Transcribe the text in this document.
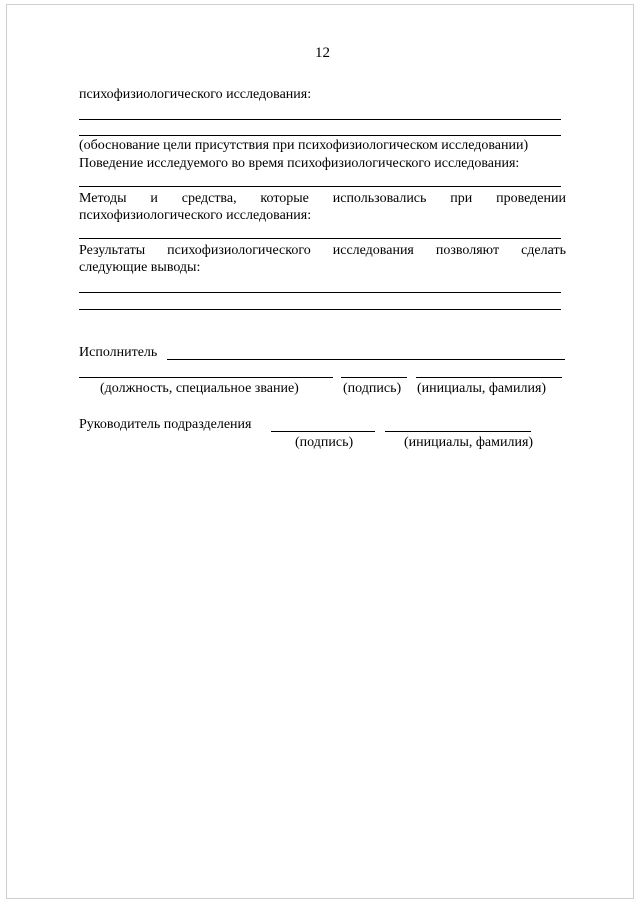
12
психофизиологического исследования:
(обоснование цели присутствия при психофизиологическом исследовании)
Поведение исследуемого во время психофизиологического исследования:
Методы и средства, которые использовались при проведении
психофизиологического исследования:
Результаты психофизиологического исследования позволяют сделать
следующие выводы:
Исполнитель
(должность, специальное звание)	(подпись) (инициалы, фамилия)
Руководитель подразделения
(подпись)	(инициалы, фамилия)
